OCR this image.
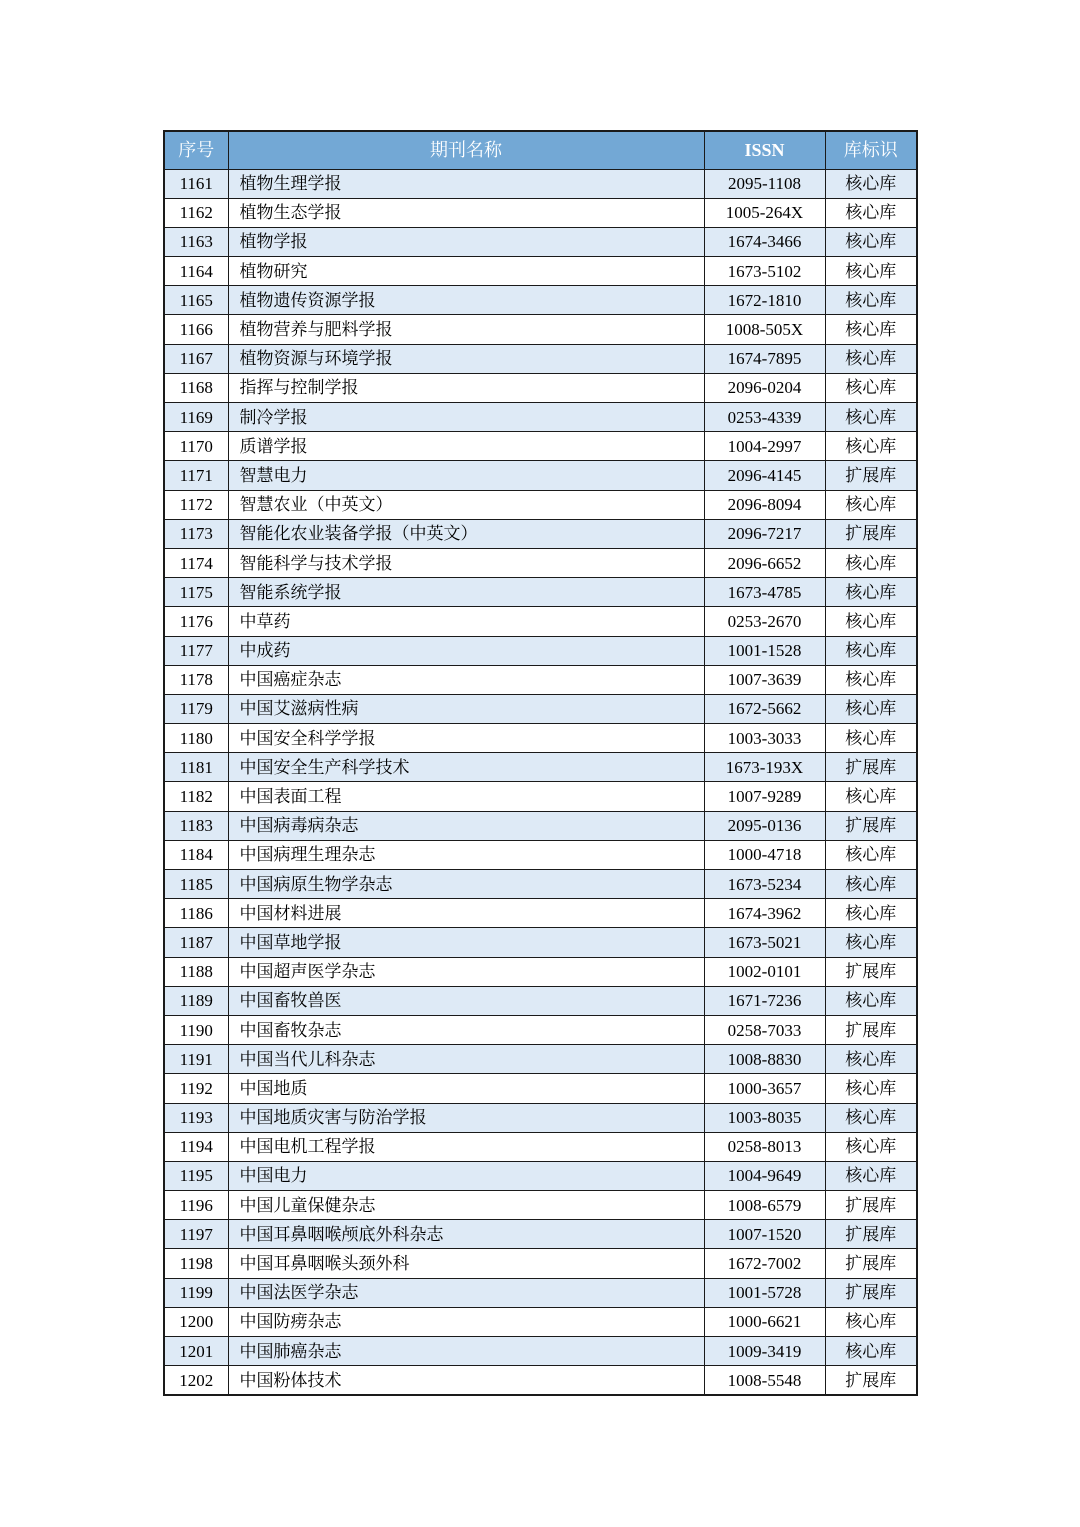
序号	期刊名称	ISSN	库标识
1161	植物生理学报	2095-1108	核心库
1162	植物生态学报	1005-264X	核心库
1163	植物学报	1674-3466	核心库
1164	植物研究	1673-5102	核心库
1165	植物遗传资源学报	1672-1810	核心库
1166	植物营养与肥料学报	1008-505X	核心库
1167	植物资源与环境学报	1674-7895	核心库
1168	指挥与控制学报	2096-0204	核心库
1169	制冷学报	0253-4339	核心库
1170	质谱学报	1004-2997	核心库
1171	智慧电力	2096-4145	扩展库
1172	智慧农业（中英文）	2096-8094	核心库
1173	智能化农业装备学报（中英文）	2096-7217	扩展库
1174	智能科学与技术学报	2096-6652	核心库
1175	智能系统学报	1673-4785	核心库
1176	中草药	0253-2670	核心库
1177	中成药	1001-1528	核心库
1178	中国癌症杂志	1007-3639	核心库
1179	中国艾滋病性病	1672-5662	核心库
1180	中国安全科学学报	1003-3033	核心库
1181	中国安全生产科学技术	1673-193X	扩展库
1182	中国表面工程	1007-9289	核心库
1183	中国病毒病杂志	2095-0136	扩展库
1184	中国病理生理杂志	1000-4718	核心库
1185	中国病原生物学杂志	1673-5234	核心库
1186	中国材料进展	1674-3962	核心库
1187	中国草地学报	1673-5021	核心库
1188	中国超声医学杂志	1002-0101	扩展库
1189	中国畜牧兽医	1671-7236	核心库
1190	中国畜牧杂志	0258-7033	扩展库
1191	中国当代儿科杂志	1008-8830	核心库
1192	中国地质	1000-3657	核心库
1193	中国地质灾害与防治学报	1003-8035	核心库
1194	中国电机工程学报	0258-8013	核心库
1195	中国电力	1004-9649	核心库
1196	中国儿童保健杂志	1008-6579	扩展库
1197	中国耳鼻咽喉颅底外科杂志	1007-1520	扩展库
1198	中国耳鼻咽喉头颈外科	1672-7002	扩展库
1199	中国法医学杂志	1001-5728	扩展库
1200	中国防痨杂志	1000-6621	核心库
1201	中国肺癌杂志	1009-3419	核心库
1202	中国粉体技术	1008-5548	扩展库
